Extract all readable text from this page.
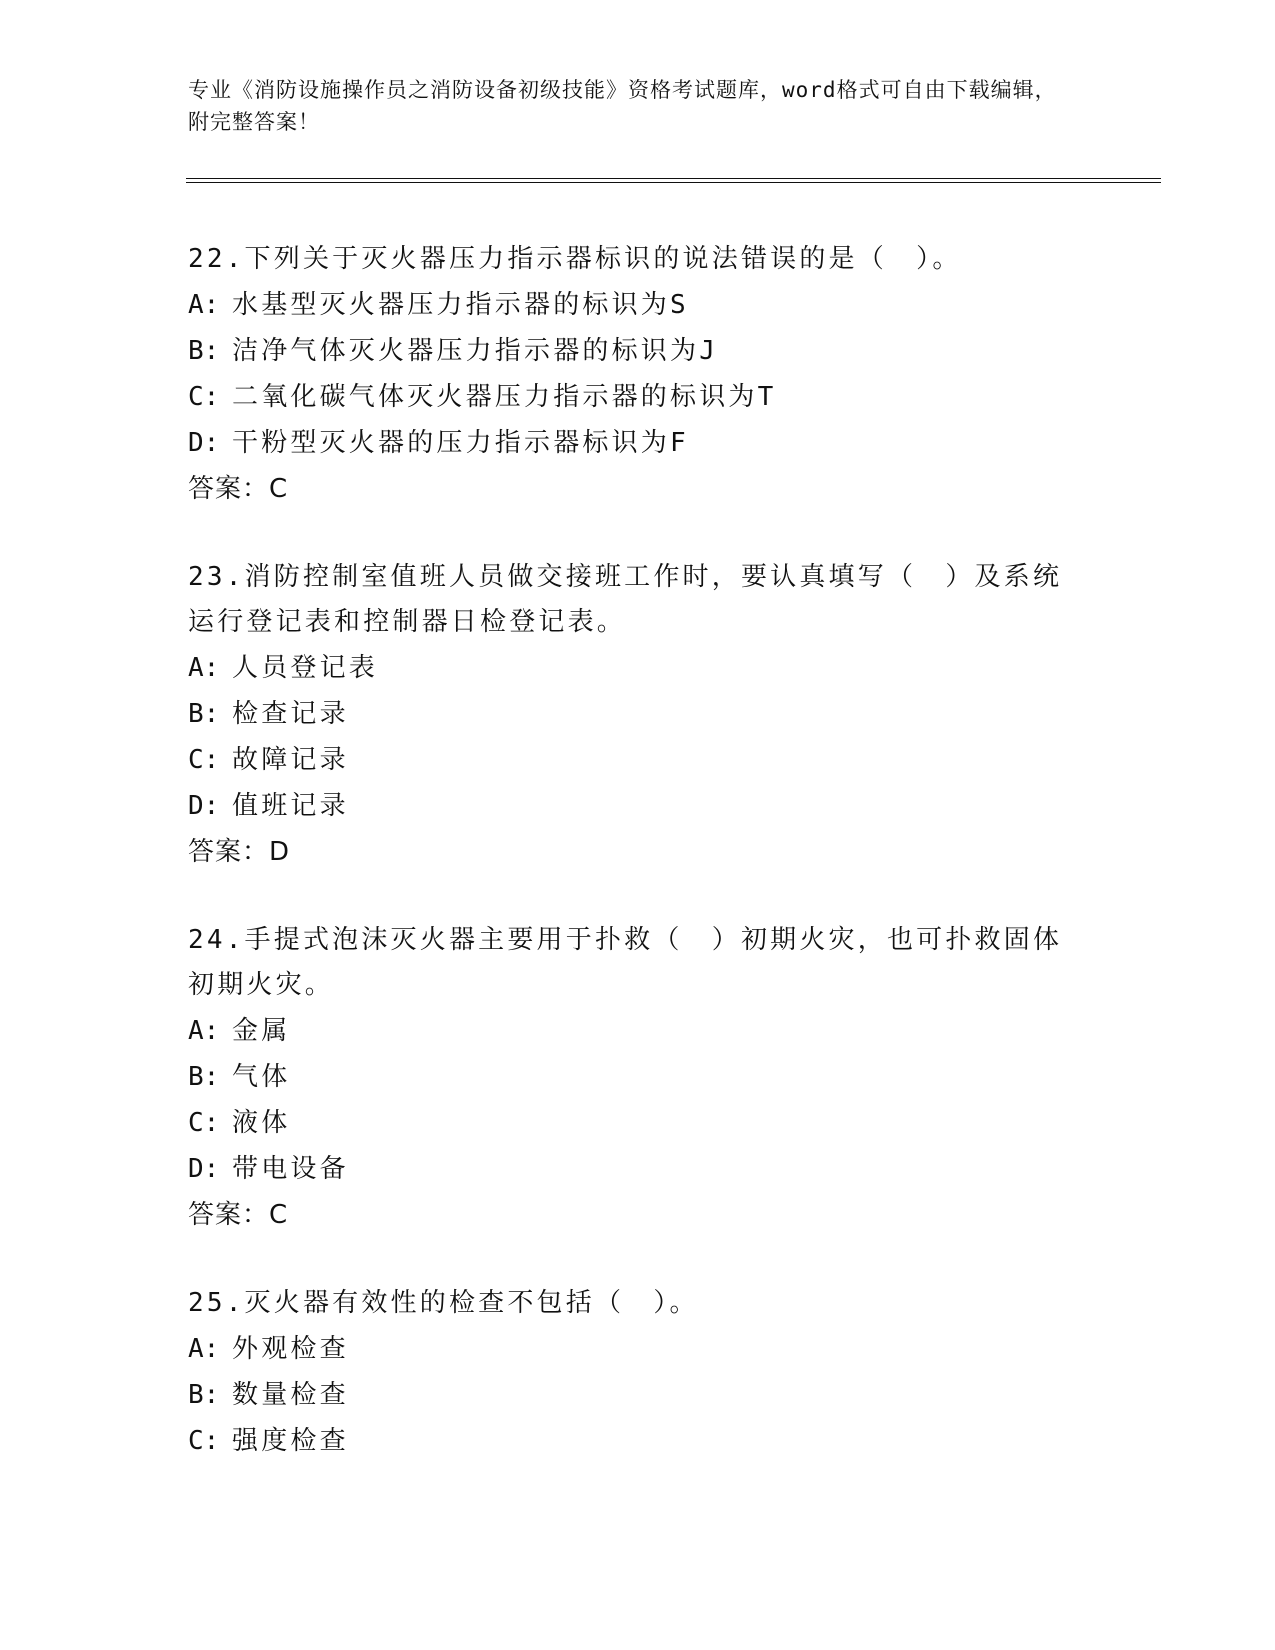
专业《消防设施操作员之消防设备初级技能》资格考试题库，word格式可自由下载编辑，附完整答案！

22.下列关于灭火器压力指示器标识的说法错误的是（　）。

A: 水基型灭火器压力指示器的标识为S

B: 洁净气体灭火器压力指示器的标识为J

C: 二氧化碳气体灭火器压力指示器的标识为T

D: 干粉型灭火器的压力指示器标识为F

答案：C

23.消防控制室值班人员做交接班工作时，要认真填写（　）及系统运行登记表和控制器日检登记表。

A: 人员登记表

B: 检查记录

C: 故障记录

D: 值班记录

答案：D

24.手提式泡沫灭火器主要用于扑救（　）初期火灾，也可扑救固体初期火灾。

A: 金属

B: 气体

C: 液体

D: 带电设备

答案：C

25.灭火器有效性的检查不包括（　）。

A: 外观检查

B: 数量检查

C: 强度检查
